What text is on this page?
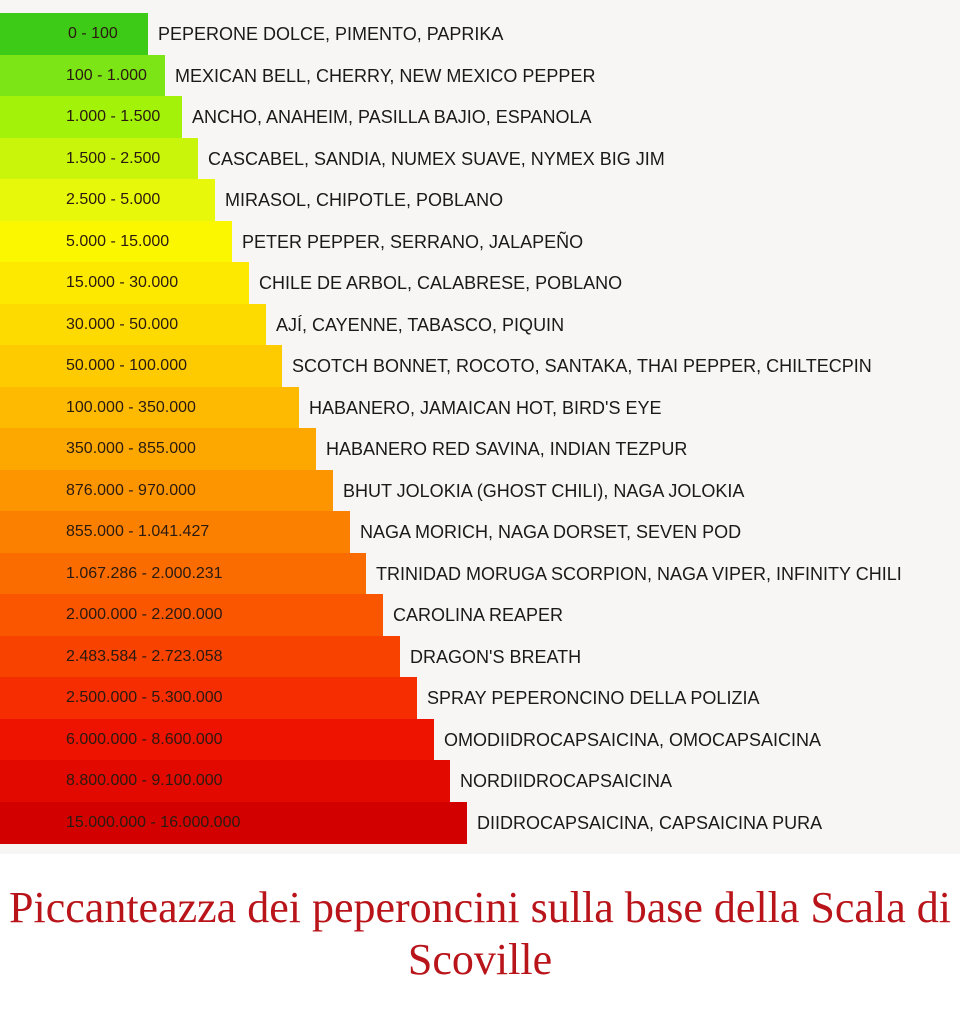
0 - 100 PEPERONE DOLCE, PIMENTO, PAPRIKA
100 - 1.000 MEXICAN BELL, CHERRY, NEW MEXICO PEPPER
1.000 - 1.500 ANCHO, ANAHEIM, PASILLA BAJIO, ESPANOLA
1.500 - 2.500	CASCABEL, SANDIA, NUMEX SUAVE, NYMEX BIG JIM
2.500 - 5.000	MIRASOL, CHIPOTLE, POBLANO
5.000 - 15.000	PETER PEPPER, SERRANO, JALAPEÑO
15.000 - 30.000	CHILE DE ARBOL, CALABRESE, POBLANO
30.000 - 50.000	AJÍ, CAYENNE, TABASCO, PIQUIN
50.000 - 100.000	SCOTCH BONNET, ROCOTO, SANTAKA, THAI PEPPER, CHILTECPIN
100.000 - 350.000	HABANERO, JAMAICAN HOT, BIRD'S EYE
350.000 - 855.000	HABANERO RED SAVINA, INDIAN TEZPUR
876.000 - 970.000	BHUT JOLOKIA (GHOST CHILI), NAGA JOLOKIA
855.000 - 1.041.427	NAGA MORICH, NAGA DORSET, SEVEN POD
1.067.286 - 2.000.231	TRINIDAD MORUGA SCORPION, NAGA VIPER, INFINITY CHILI
2.000.000 - 2.200.000	CAROLINA REAPER
2.483.584 - 2.723.058	DRAGON'S BREATH
2.500.000 - 5.300.000	SPRAY PEPERONCINO DELLA POLIZIA
6.000.000 - 8.600.000	OMODIIDROCAPSAICINA, OMOCAPSAICINA
8.800.000 - 9.100.000	NORDIIDROCAPSAICINA
15.000.000 - 16.000.000	DIIDROCAPSAICINA, CAPSAICINA PURA
Piccanteazza dei peperoncini sulla base della Scala di Scoville
